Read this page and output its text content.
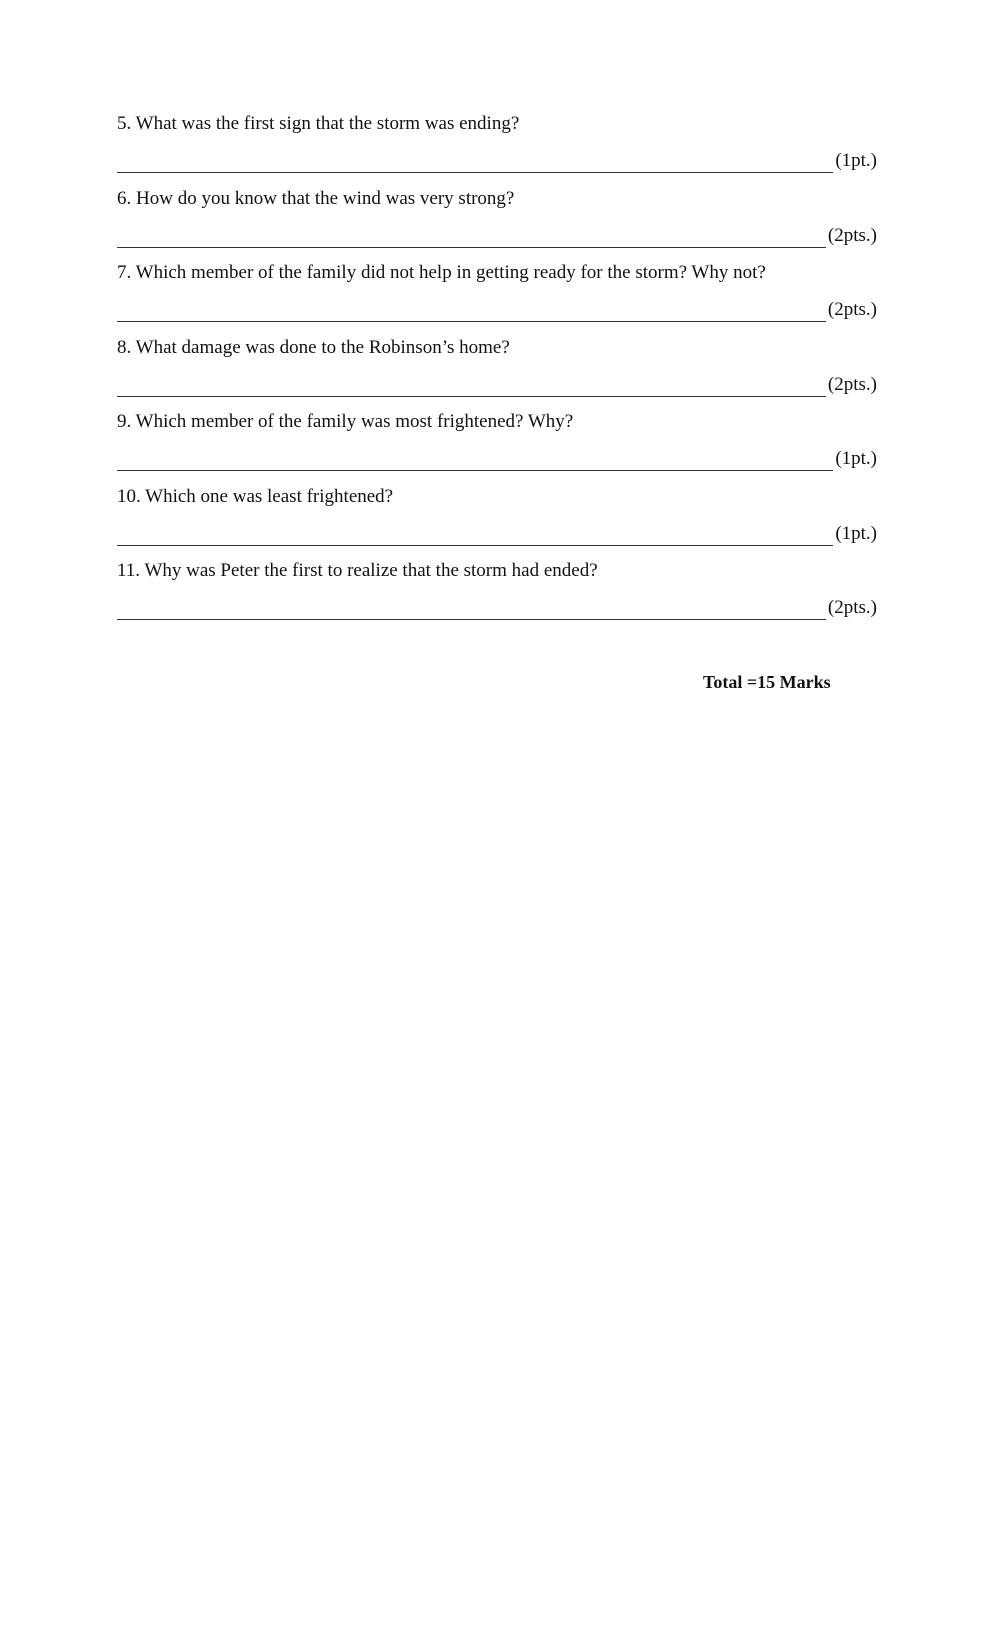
5. What was the first sign that the storm was ending?
(1pt.)
6. How do you know that the wind was very strong?
(2pts.)
7. Which member of the family did not help in getting ready for the storm? Why not?
(2pts.)
8. What damage was done to the Robinson’s home?
(2pts.)
9. Which member of the family was most frightened? Why?
(1pt.)
10. Which one was least frightened?
(1pt.)
11. Why was Peter the first to realize that the storm had ended?
(2pts.)
Total =15 Marks
